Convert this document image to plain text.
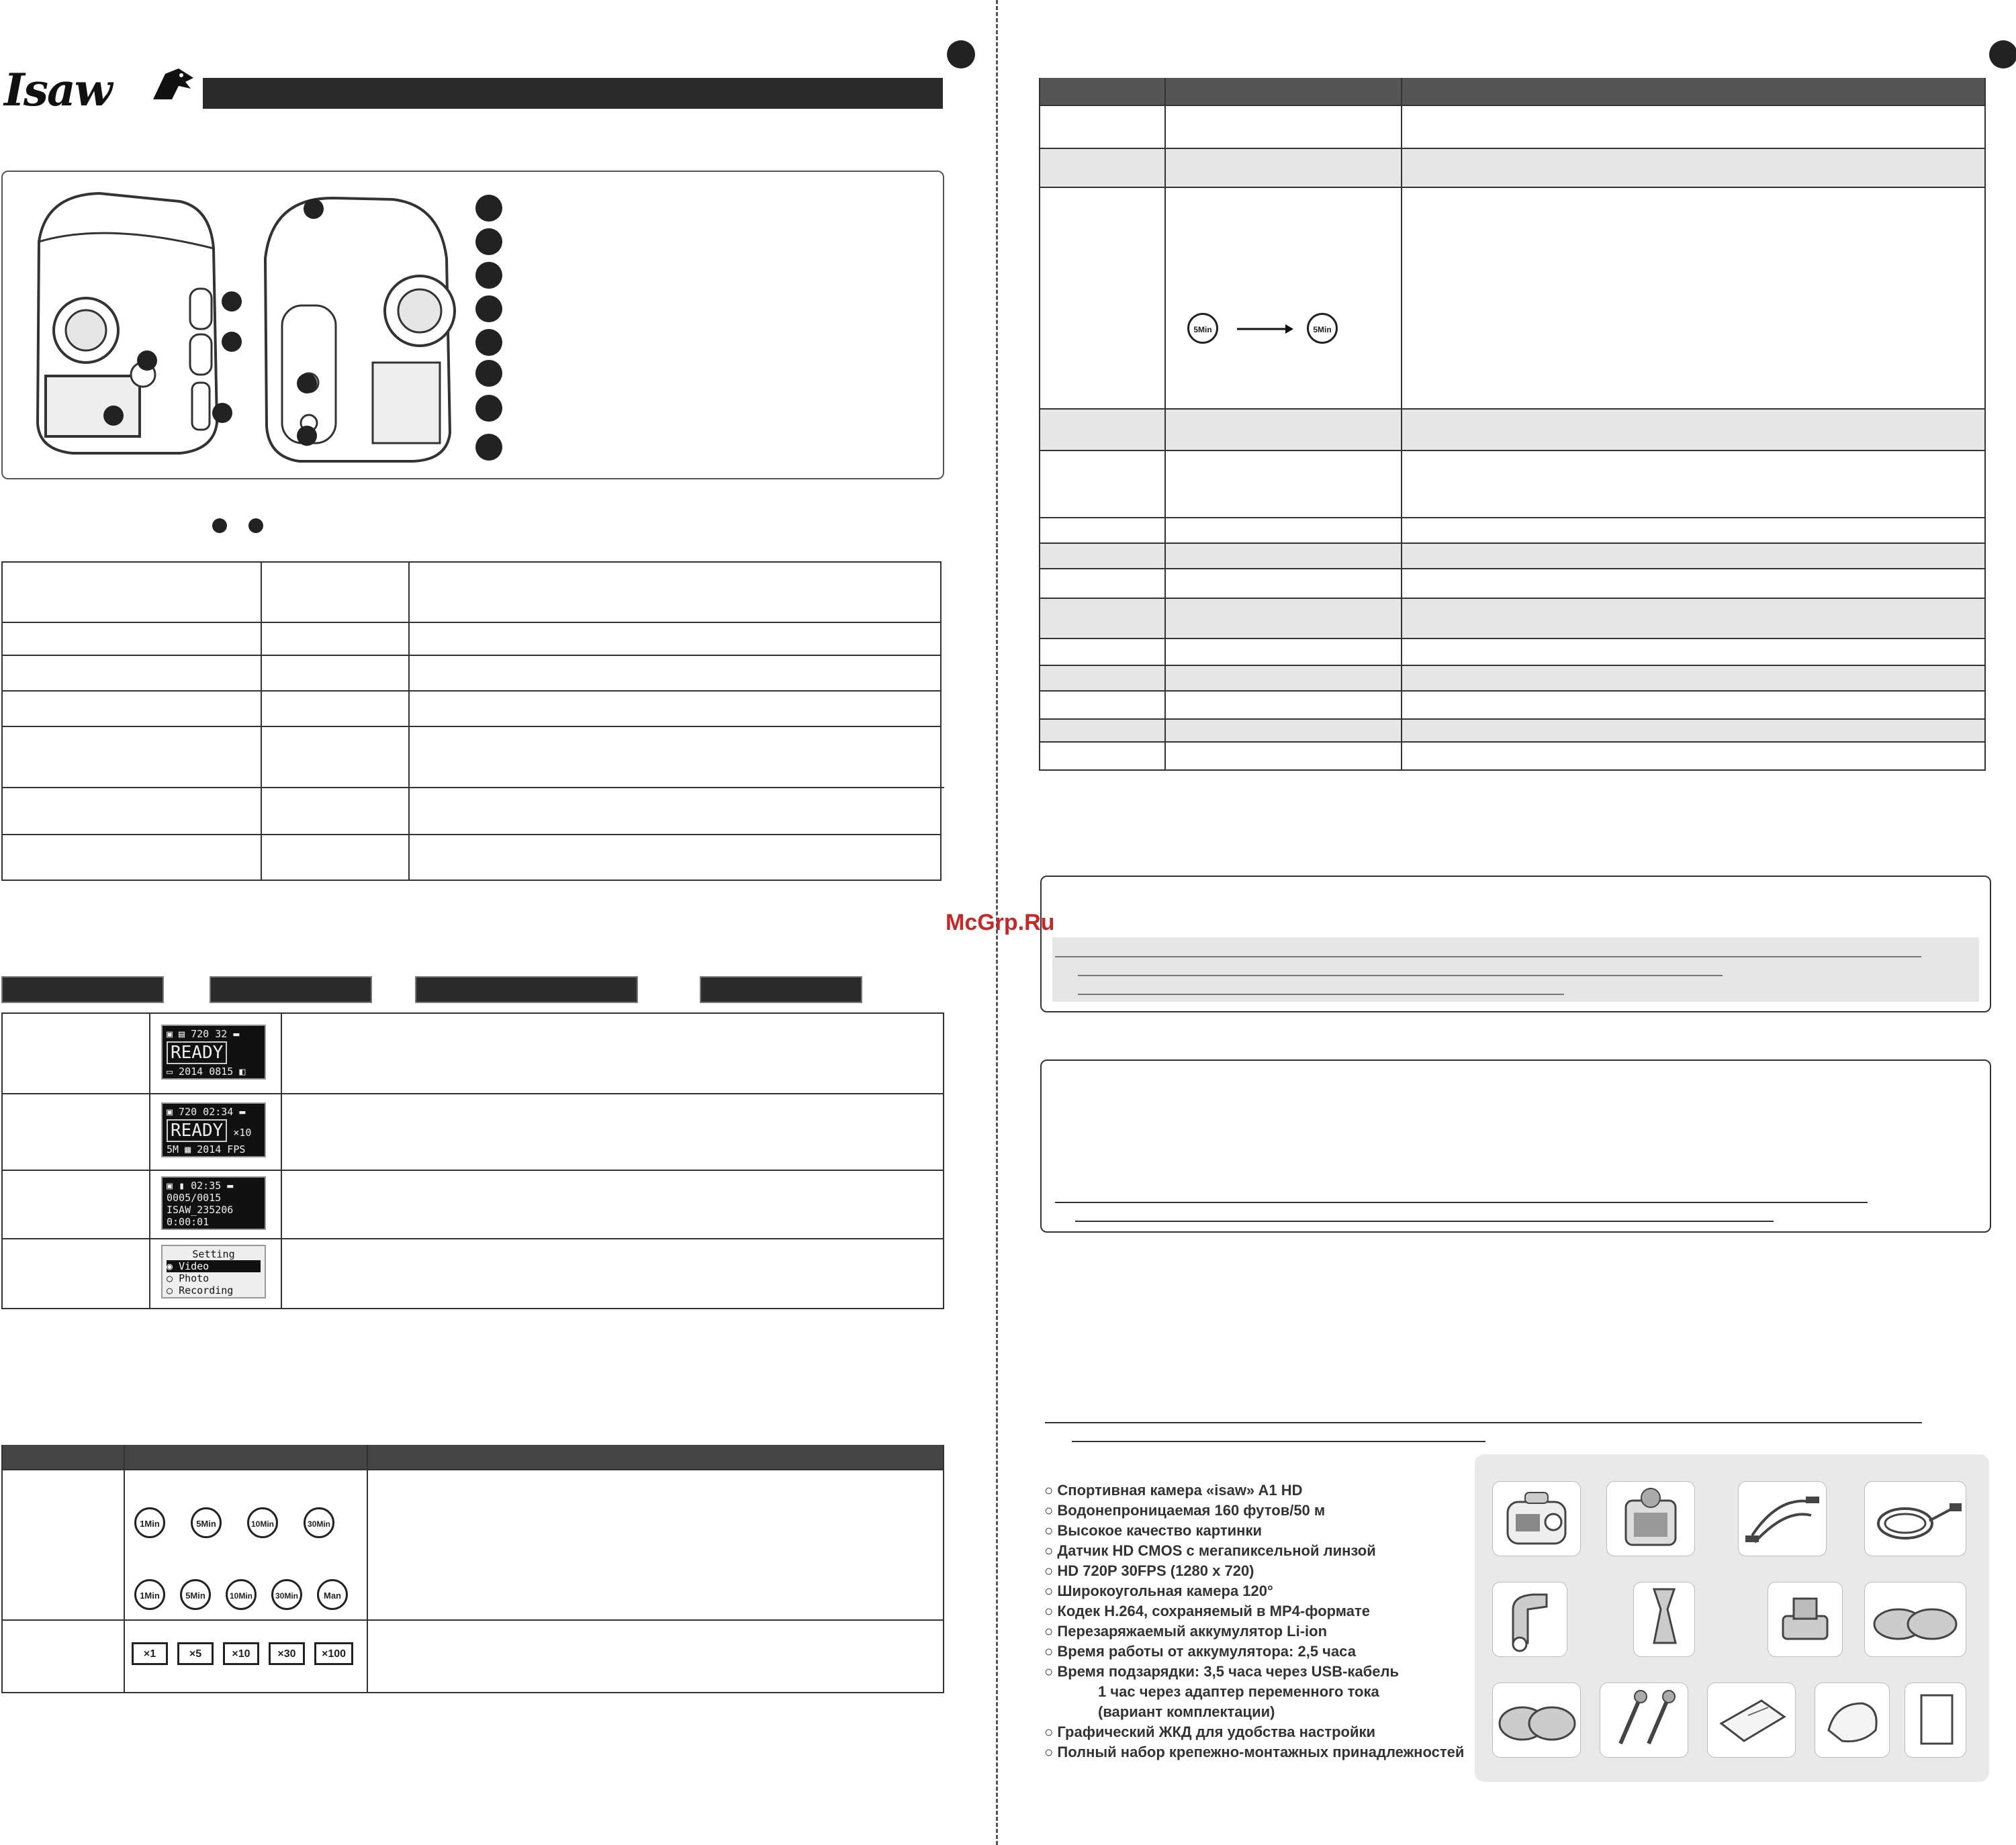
Isaw
▣ ▤ 720 32 ▬
READY
▭ 2014 0815 ◧
▣ 720 02:34 ▬
READY ×10
5M ▦ 2014 FPS
▣ ▮ 02:35 ▬
0005/0015
ISAW_235206
0:00:01
Setting
◉ Video
○ Photo
○ Recording
1Min	5Min	10Min	30Min
1Min	5Min	10Min	30Min	Man
×1	×5	×10	×30	×100
McGrp.Ru
5Min	5Min
○ Спортивная камера «isaw» A1 HD
○ Водонепроницаемая 160 футов/50 м
○ Высокое качество картинки
○ Датчик HD CMOS с мегапиксельной линзой
○ HD 720P 30FPS (1280 x 720)
○ Широкоугольная камера 120°
○ Кодек H.264, сохраняемый в MP4-формате
○ Перезаряжаемый аккумулятор Li-ion
○ Время работы от аккумулятора: 2,5 часа
○ Время подзарядки: 3,5 часа через USB-кабель
1 час через адаптер переменного тока
(вариант комплектации)
○ Графический ЖКД для удобства настройки
○ Полный набор крепежно-монтажных принадлежностей
